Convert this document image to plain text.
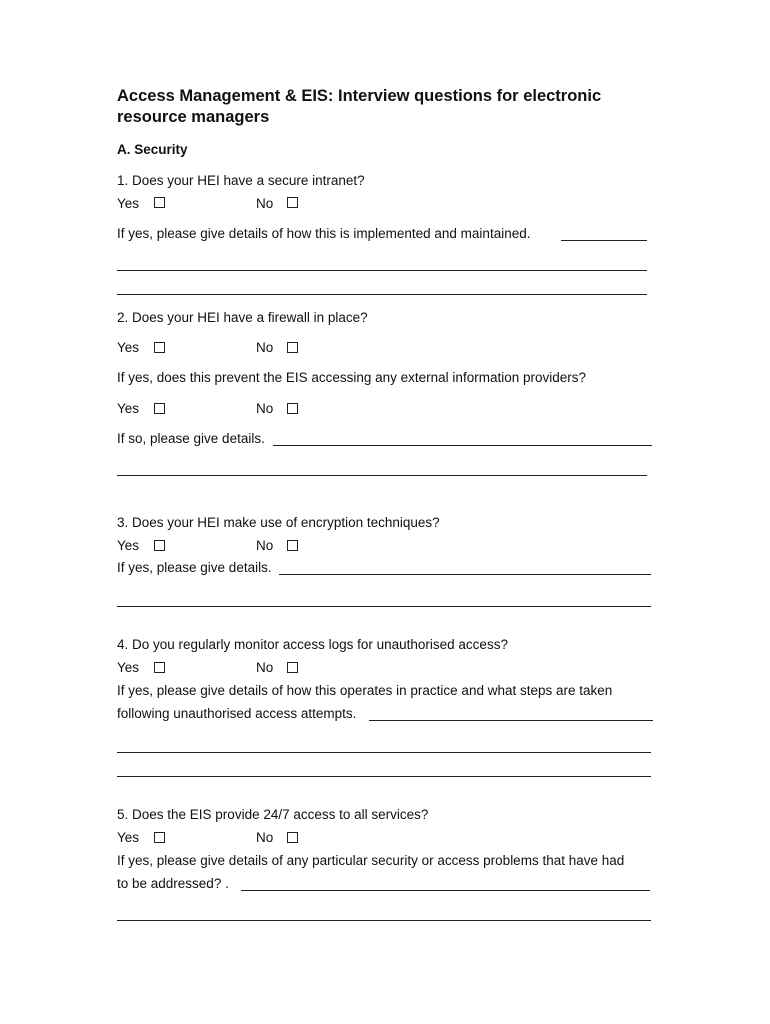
Access Management & EIS: Interview questions for electronic
resource managers
A. Security
1. Does your HEI have a secure intranet?
Yes	No
If yes, please give details of how this is implemented and maintained.
2. Does your HEI have a firewall in place?
Yes	No
If yes, does this prevent the EIS accessing any external information providers?
Yes	No
If so, please give details.
3. Does your HEI make use of encryption techniques?
Yes	No
If yes, please give details.
4. Do you regularly monitor access logs for unauthorised access?
Yes	No
If yes, please give details of how this operates in practice and what steps are taken
following unauthorised access attempts.
5. Does the EIS provide 24/7 access to all services?
Yes	No
If yes, please give details of any particular security or access problems that have had
to be addressed? .
